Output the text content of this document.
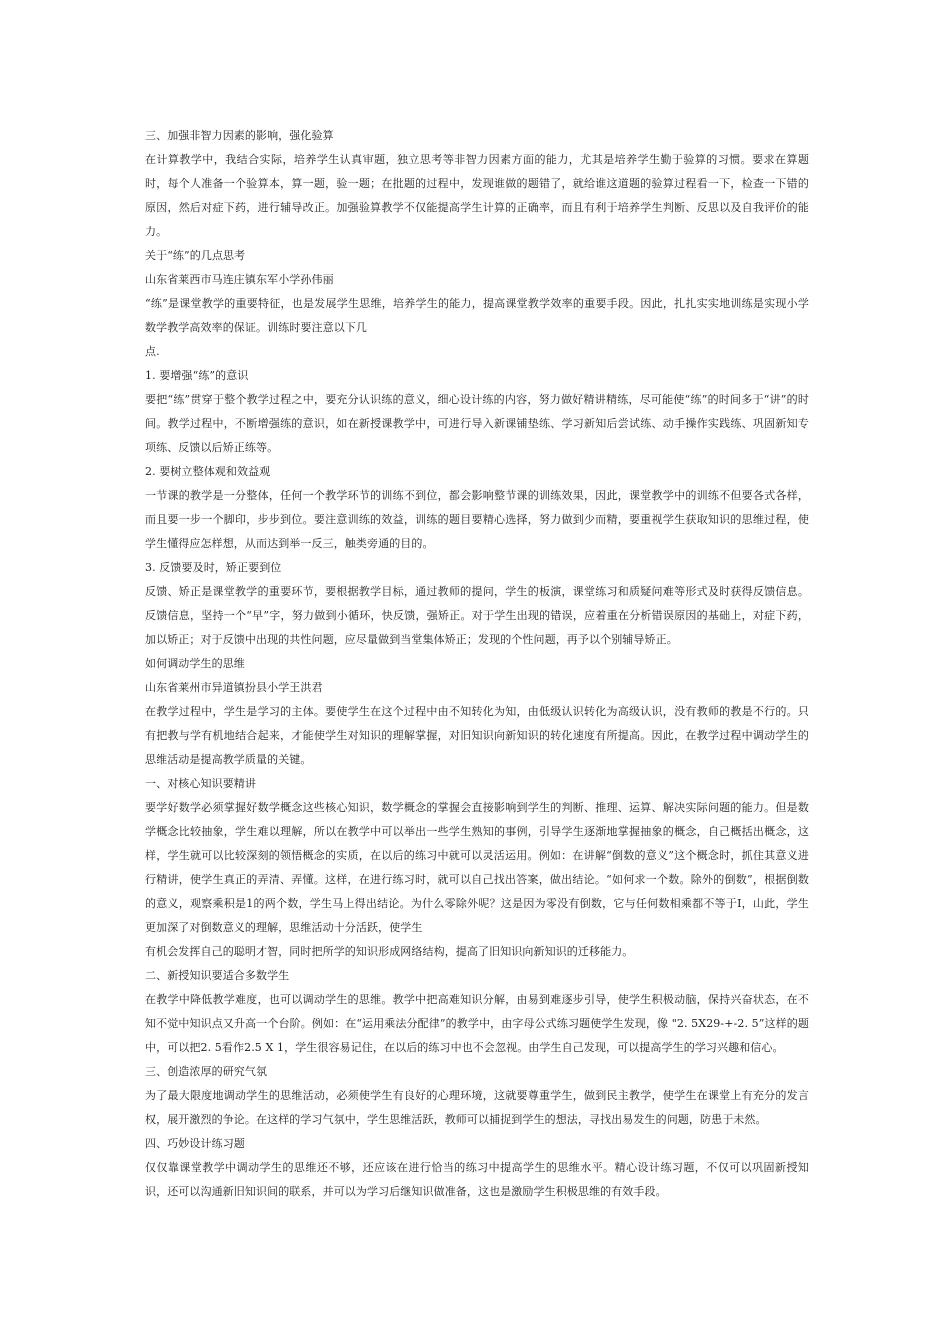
三、加强非智力因素的影响，强化验算

在计算教学中，我结合实际，培养学生认真审题，独立思考等非智力因素方面的能力，尤其是培养学生勤于验算的习惯。要求在算题时，每个人准备一个验算本，算一题，验一题；在批题的过程中，发现谁做的题错了，就给谁这道题的验算过程看一下，检查一下错的原因，然后对症下药，进行辅导改正。加强验算教学不仅能提高学生计算的正确率，而且有利于培养学生判断、反思以及自我评价的能力。

关于“练”的几点思考

山东省莱西市马连庄镇东军小学孙伟丽

“练”是课堂教学的重要特征，也是发展学生思维，培养学生的能力，提高课堂教学效率的重要手段。因此，扎扎实实地训练是实现小学数学教学高效率的保证。训练时要注意以下几

点.

1. 要增强“练”的意识

要把“练”贯穿于整个教学过程之中，要充分认识练的意义，细心设计练的内容，努力做好精讲精练，尽可能使“练”的时间多于“讲”的时间。教学过程中，不断增强练的意识，如在新授课教学中，可进行导入新课铺垫练、学习新知后尝试练、动手操作实践练、巩固新知专项练、反馈以后矫正练等。

2. 要树立整体观和效益观

一节课的教学是一分整体，任何一个教学环节的训练不到位，都会影响整节课的训练效果，因此，课堂教学中的训练不但要各式各样，而且要一步一个脚印，步步到位。要注意训练的效益，训练的题目要精心选择，努力做到少而精，要重视学生获取知识的思维过程，使学生懂得应怎样想，从而达到举一反三，触类旁通的目的。

3. 反馈要及时，矫正要到位

反馈、矫正是课堂教学的重要环节，要根据教学目标，通过教师的提问，学生的板演，课堂练习和质疑问难等形式及时获得反馈信息。反馈信息，坚持一个“早”字，努力做到小循环，快反馈，强矫正。对于学生出现的错误，应着重在分析错误原因的基础上，对症下药，加以矫正；对于反馈中出现的共性问题，应尽量做到当堂集体矫正；发现的个性问题，再予以个别辅导矫正。

如何调动学生的思维

山东省莱州市异道镇扮县小学王洪君

在教学过程中，学生是学习的主体。要使学生在这个过程中由不知转化为知，由低级认识转化为高级认识，没有教师的教是不行的。只有把教与学有机地结合起来，才能使学生对知识的理解掌握，对旧知识向新知识的转化速度有所提高。因此，在教学过程中调动学生的思维活动是提高教学质量的关键。

一、对核心知识要精讲

要学好数学必须掌握好数学概念这些核心知识，数学概念的掌握会直接影响到学生的判断、推理、运算、解决实际问题的能力。但是数学概念比较抽象，学生难以理解，所以在教学中可以举出一些学生熟知的事例，引导学生逐渐地掌握抽象的概念，自己概括出概念，这样，学生就可以比较深刻的领悟概念的实质，在以后的练习中就可以灵活运用。例如：在讲解“倒数的意义”这个概念时，抓住其意义进行精讲，使学生真正的弄清、弄懂。这样，在进行练习时，就可以自己找出答案，做出结论。“如何求一个数。除外的倒数”，根据倒数的意义，观察乘积是1的两个数，学生马上得出结论。为什么零除外呢？这是因为零没有倒数，它与任何数相乘都不等于I，山此，学生更加深了对倒数意义的理解，思维活动十分活跃，使学生

有机会发挥自己的聪明才智，同时把所学的知识形成网络结构，提高了旧知识向新知识的迁移能力。

二、新授知识要适合多数学生

在教学中降低教学难度，也可以调动学生的思维。教学中把高难知识分解，由易到难逐步引导，使学生积极动脑，保持兴奋状态，在不知不觉中知识点又升高一个台阶。例如：在“运用乘法分配律”的教学中，由字母公式练习题使学生发现，像 "2. 5X29-+-2. 5”这样的题中，可以把2. 5看作2.5 X 1，学生很容易记住，在以后的练习中也不会忽视。由学生自己发现，可以提高学生的学习兴趣和信心。

三、创造浓厚的研究气氛

为了最大限度地调动学生的思维活动，必须使学生有良好的心理环境，这就要尊重学生，做到民主教学，使学生在课堂上有充分的发言权，展开激烈的争论。在这样的学习气氛中，学生思维活跃，教师可以捕捉到学生的想法，寻找出易发生的问题，防患于未然。

四、巧妙设计练习题

仅仅靠课堂教学中调动学生的思维还不够，还应该在进行恰当的练习中提高学生的思维水平。精心设计练习题，不仅可以巩固新授知识，还可以沟通新旧知识间的联系，并可以为学习后继知识做准备，这也是激励学生积极思维的有效手段。
